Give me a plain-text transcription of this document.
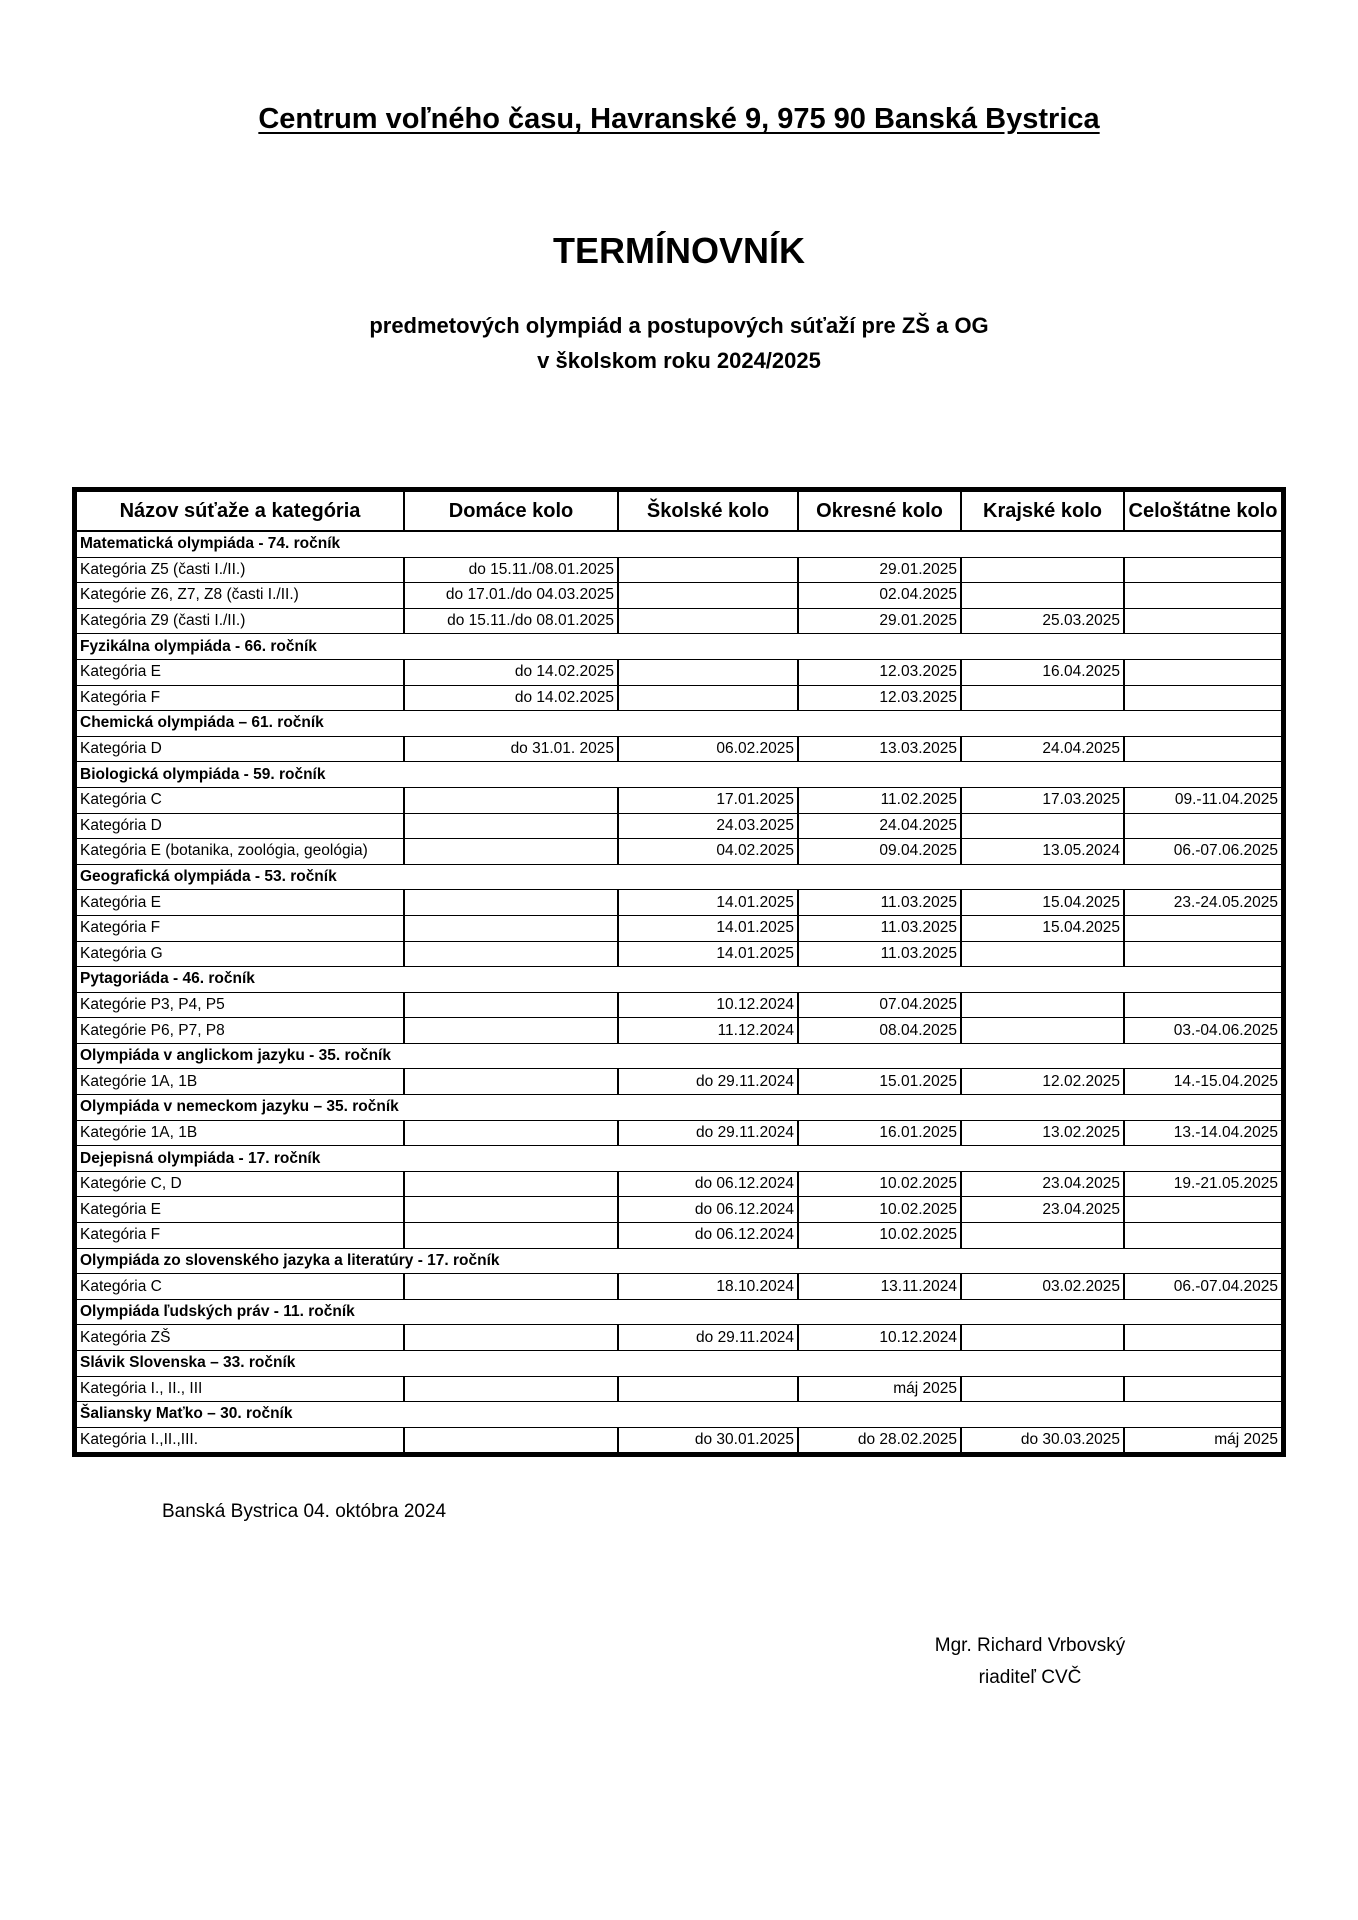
Centrum voľného času, Havranské 9, 975 90 Banská Bystrica
TERMÍNOVNÍK
predmetových olympiád a postupových súťaží pre ZŠ a OG
v školskom roku 2024/2025
Názov súťaže a kategória	Domáce kolo	Školské kolo	Okresné kolo	Krajské kolo	Celoštátne kolo
Matematická olympiáda - 74. ročník					
Kategória Z5 (časti I./II.)	do 15.11./08.01.2025		29.01.2025		
Kategórie Z6, Z7, Z8 (časti I./II.)	do 17.01./do 04.03.2025		02.04.2025		
Kategória Z9 (časti I./II.)	do 15.11./do 08.01.2025		29.01.2025	25.03.2025	
Fyzikálna olympiáda - 66. ročník					
Kategória E	do 14.02.2025		12.03.2025	16.04.2025	
Kategória F	do 14.02.2025		12.03.2025		
Chemická olympiáda – 61. ročník					
Kategória D	do 31.01. 2025	06.02.2025	13.03.2025	24.04.2025	
Biologická olympiáda - 59. ročník					
Kategória C		17.01.2025	11.02.2025	17.03.2025	09.-11.04.2025
Kategória D		24.03.2025	24.04.2025		
Kategória E (botanika, zoológia, geológia)		04.02.2025	09.04.2025	13.05.2024	06.-07.06.2025
Geografická olympiáda - 53. ročník					
Kategória E		14.01.2025	11.03.2025	15.04.2025	23.-24.05.2025
Kategória F		14.01.2025	11.03.2025	15.04.2025	
Kategória G		14.01.2025	11.03.2025		
Pytagoriáda - 46. ročník					
Kategórie P3, P4, P5		10.12.2024	07.04.2025		
Kategórie P6, P7, P8		11.12.2024	08.04.2025		03.-04.06.2025
Olympiáda v anglickom jazyku - 35. ročník					
Kategórie 1A, 1B		do 29.11.2024	15.01.2025	12.02.2025	14.-15.04.2025
Olympiáda v nemeckom jazyku – 35. ročník					
Kategórie 1A, 1B		do 29.11.2024	16.01.2025	13.02.2025	13.-14.04.2025
Dejepisná olympiáda - 17. ročník					
Kategórie C, D		do 06.12.2024	10.02.2025	23.04.2025	19.-21.05.2025
Kategória E		do 06.12.2024	10.02.2025	23.04.2025	
Kategória F		do 06.12.2024	10.02.2025		
Olympiáda zo slovenského jazyka a literatúry - 17. ročník					
Kategória C		18.10.2024	13.11.2024	03.02.2025	06.-07.04.2025
Olympiáda ľudských práv - 11. ročník					
Kategória ZŠ		do 29.11.2024	10.12.2024		
Slávik Slovenska – 33. ročník					
Kategória I., II., III			máj 2025		
Šaliansky Maťko – 30. ročník					
Kategória I.,II.,III.		do 30.01.2025	do 28.02.2025	do 30.03.2025	máj 2025
Banská Bystrica 04. októbra 2024
Mgr. Richard Vrbovský
riaditeľ CVČ
